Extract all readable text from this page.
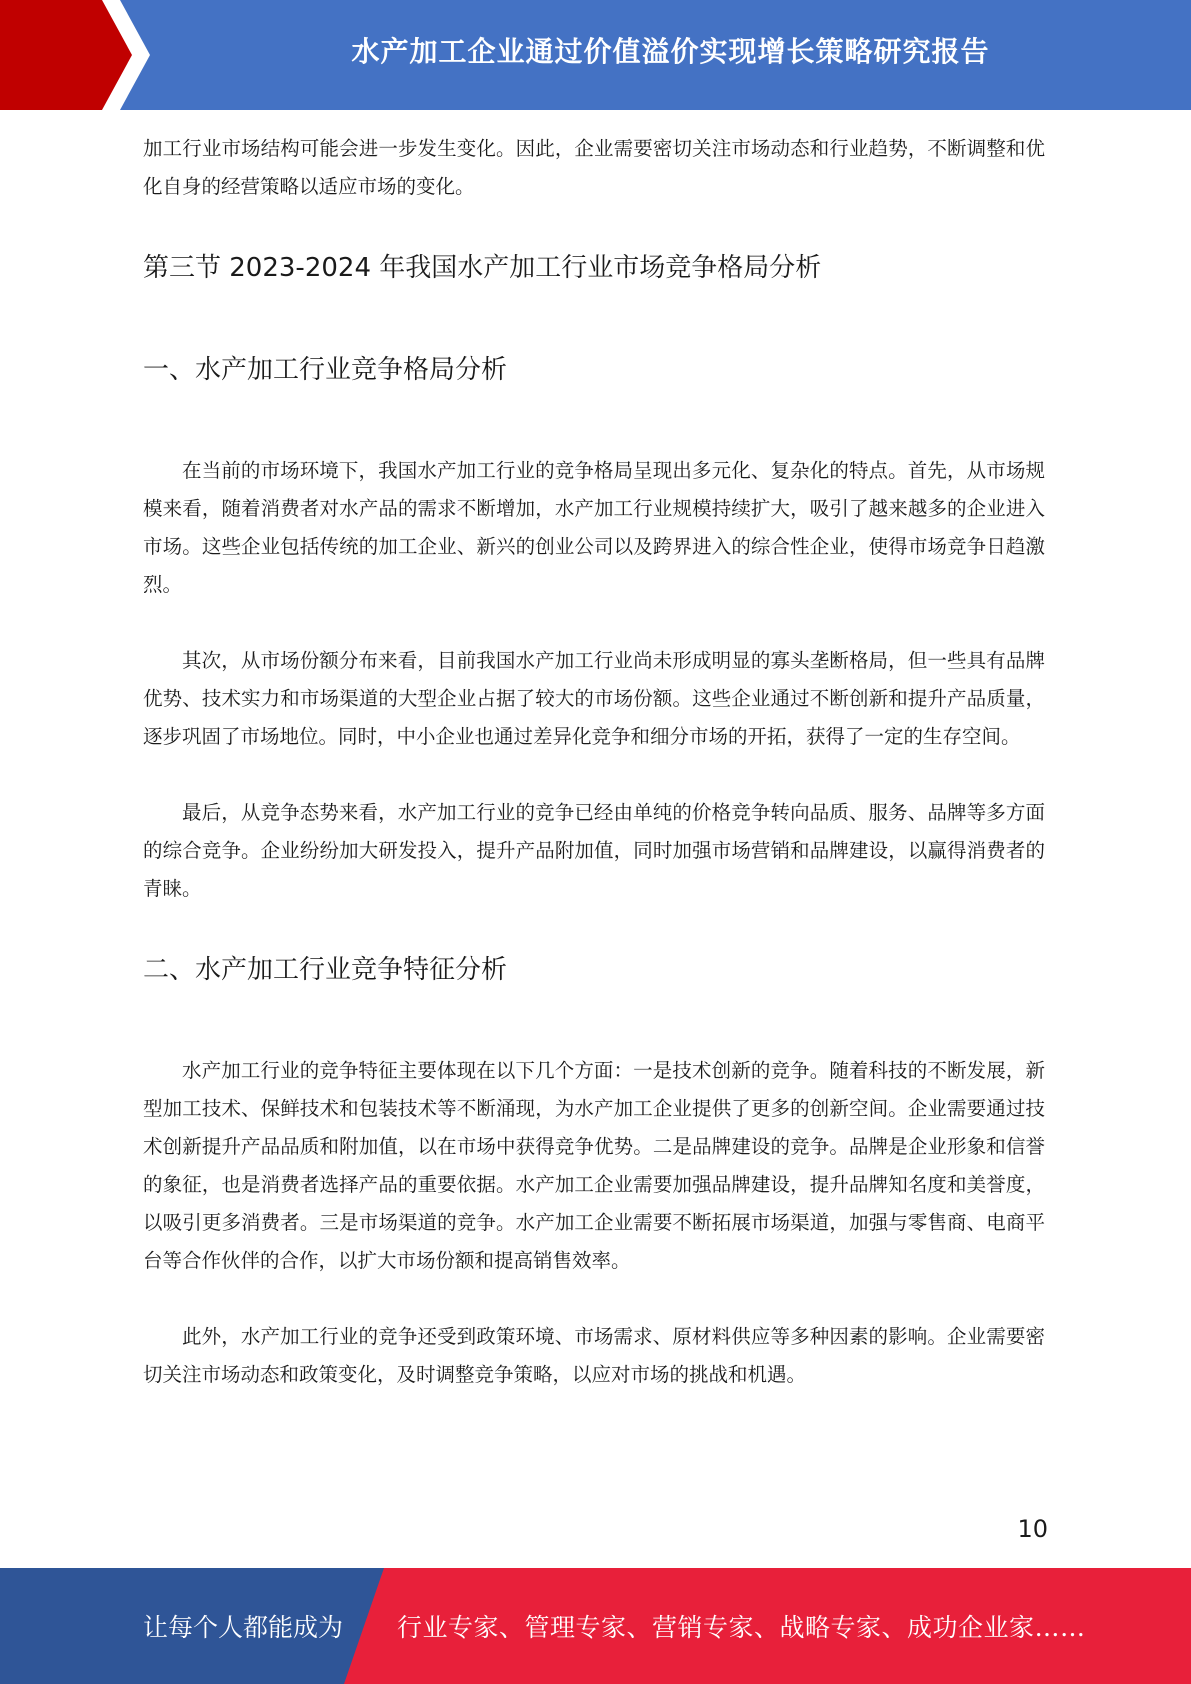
水产加工企业通过价值溢价实现增长策略研究报告

加工行业市场结构可能会进一步发生变化。因此，企业需要密切关注市场动态和行业趋势，不断调整和优化自身的经营策略以适应市场的变化。

第三节 2023-2024 年我国水产加工行业市场竞争格局分析
一、水产加工行业竞争格局分析

在当前的市场环境下，我国水产加工行业的竞争格局呈现出多元化、复杂化的特点。首先，从市场规模来看，随着消费者对水产品的需求不断增加，水产加工行业规模持续扩大，吸引了越来越多的企业进入市场。这些企业包括传统的加工企业、新兴的创业公司以及跨界进入的综合性企业，使得市场竞争日趋激烈。

其次，从市场份额分布来看，目前我国水产加工行业尚未形成明显的寡头垄断格局，但一些具有品牌优势、技术实力和市场渠道的大型企业占据了较大的市场份额。这些企业通过不断创新和提升产品质量，逐步巩固了市场地位。同时，中小企业也通过差异化竞争和细分市场的开拓，获得了一定的生存空间。

最后，从竞争态势来看，水产加工行业的竞争已经由单纯的价格竞争转向品质、服务、品牌等多方面的综合竞争。企业纷纷加大研发投入，提升产品附加值，同时加强市场营销和品牌建设，以赢得消费者的青睐。

二、水产加工行业竞争特征分析

水产加工行业的竞争特征主要体现在以下几个方面：一是技术创新的竞争。随着科技的不断发展，新型加工技术、保鲜技术和包装技术等不断涌现，为水产加工企业提供了更多的创新空间。企业需要通过技术创新提升产品品质和附加值，以在市场中获得竞争优势。二是品牌建设的竞争。品牌是企业形象和信誉的象征，也是消费者选择产品的重要依据。水产加工企业需要加强品牌建设，提升品牌知名度和美誉度，以吸引更多消费者。三是市场渠道的竞争。水产加工企业需要不断拓展市场渠道，加强与零售商、电商平台等合作伙伴的合作，以扩大市场份额和提高销售效率。

此外，水产加工行业的竞争还受到政策环境、市场需求、原材料供应等多种因素的影响。企业需要密切关注市场动态和政策变化，及时调整竞争策略，以应对市场的挑战和机遇。

10
让每个人都能成为 行业专家、管理专家、营销专家、战略专家、成功企业家……
